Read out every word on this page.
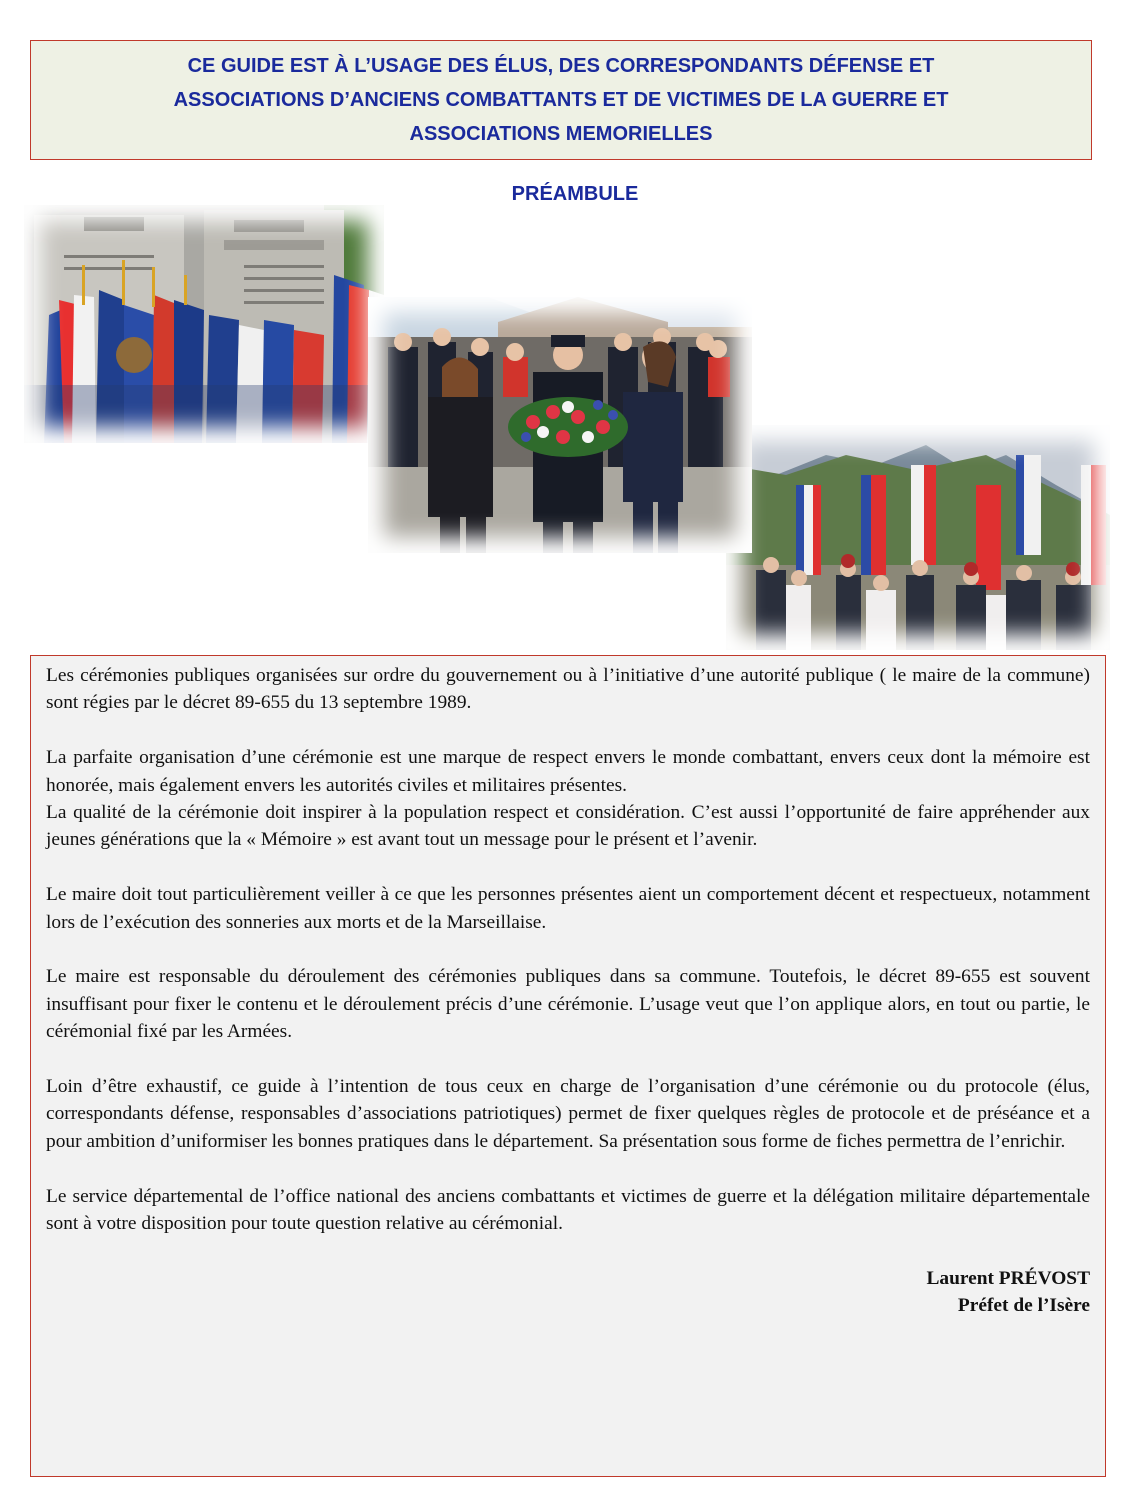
CE GUIDE EST À L’USAGE DES ÉLUS, DES CORRESPONDANTS DÉFENSE ET
ASSOCIATIONS D’ANCIENS COMBATTANTS ET DE VICTIMES DE LA GUERRE ET
ASSOCIATIONS MEMORIELLES
PRÉAMBULE

Les cérémonies publiques organisées sur ordre du gouvernement ou à l’initiative d’une autorité publique ( le maire de la commune) sont régies par le décret 89-655 du 13 septembre 1989.

La parfaite organisation d’une cérémonie est une marque de respect envers le monde combattant, envers ceux dont la mémoire est honorée, mais également envers les autorités civiles et militaires présentes.

La qualité de la cérémonie doit inspirer à la population respect et considération. C’est aussi l’opportunité de faire appréhender aux jeunes générations que la « Mémoire » est avant tout un message pour le présent et l’avenir.

Le maire doit tout particulièrement veiller à ce que les personnes présentes aient un comportement décent et respectueux, notamment lors de l’exécution des sonneries aux morts et de la Marseillaise.

Le maire est responsable du déroulement des cérémonies publiques dans sa commune. Toutefois, le décret 89-655 est souvent insuffisant pour fixer le contenu et le déroulement précis d’une cérémonie. L’usage veut que l’on applique alors, en tout ou partie, le cérémonial fixé par les Armées.

Loin d’être exhaustif, ce guide à l’intention de tous ceux en charge de l’organisation d’une cérémonie ou du protocole (élus, correspondants défense, responsables d’associations patriotiques) permet de fixer quelques règles de protocole et de préséance et a pour ambition d’uniformiser les bonnes pratiques dans le département. Sa présentation sous forme de fiches permettra de l’enrichir.

Le service départemental de l’office national des anciens combattants et victimes de guerre et la délégation militaire départementale sont à votre disposition pour toute question relative au cérémonial.

Laurent PRÉVOST
Préfet de l’Isère
